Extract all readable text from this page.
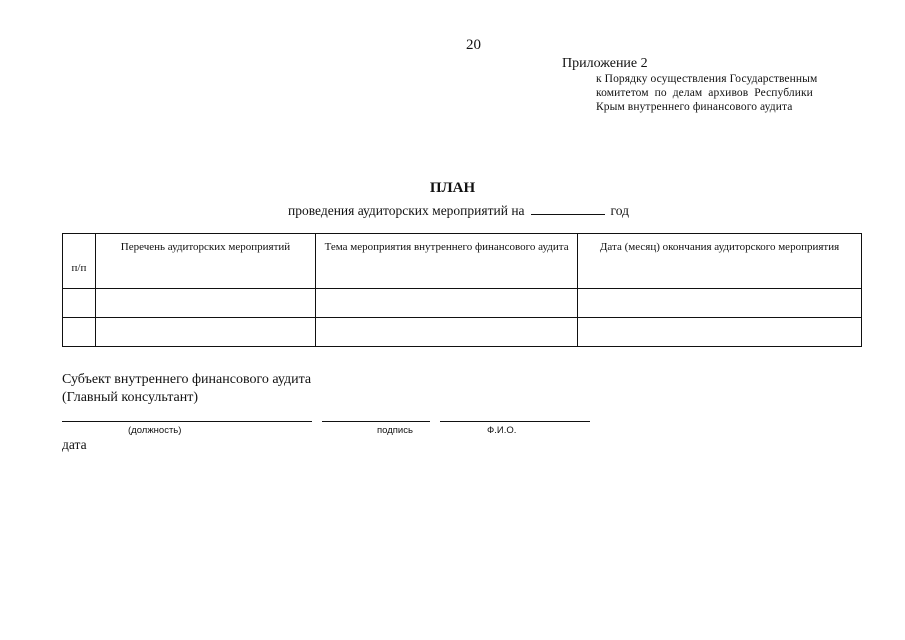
20
Приложение 2
к Порядку осуществления Государственным
комитетом по делам архивов Республики
Крым внутреннего финансового аудита
ПЛАН
проведения аудиторских мероприятий на	год
п/п	Перечень аудиторских мероприятий	Тема мероприятия внутреннего финансового аудита	Дата (месяц) окончания аудиторского мероприятия

Субъект внутреннего финансового аудита
(Главный консультант)
(должность)	подпись	Ф.И.О.
дата
